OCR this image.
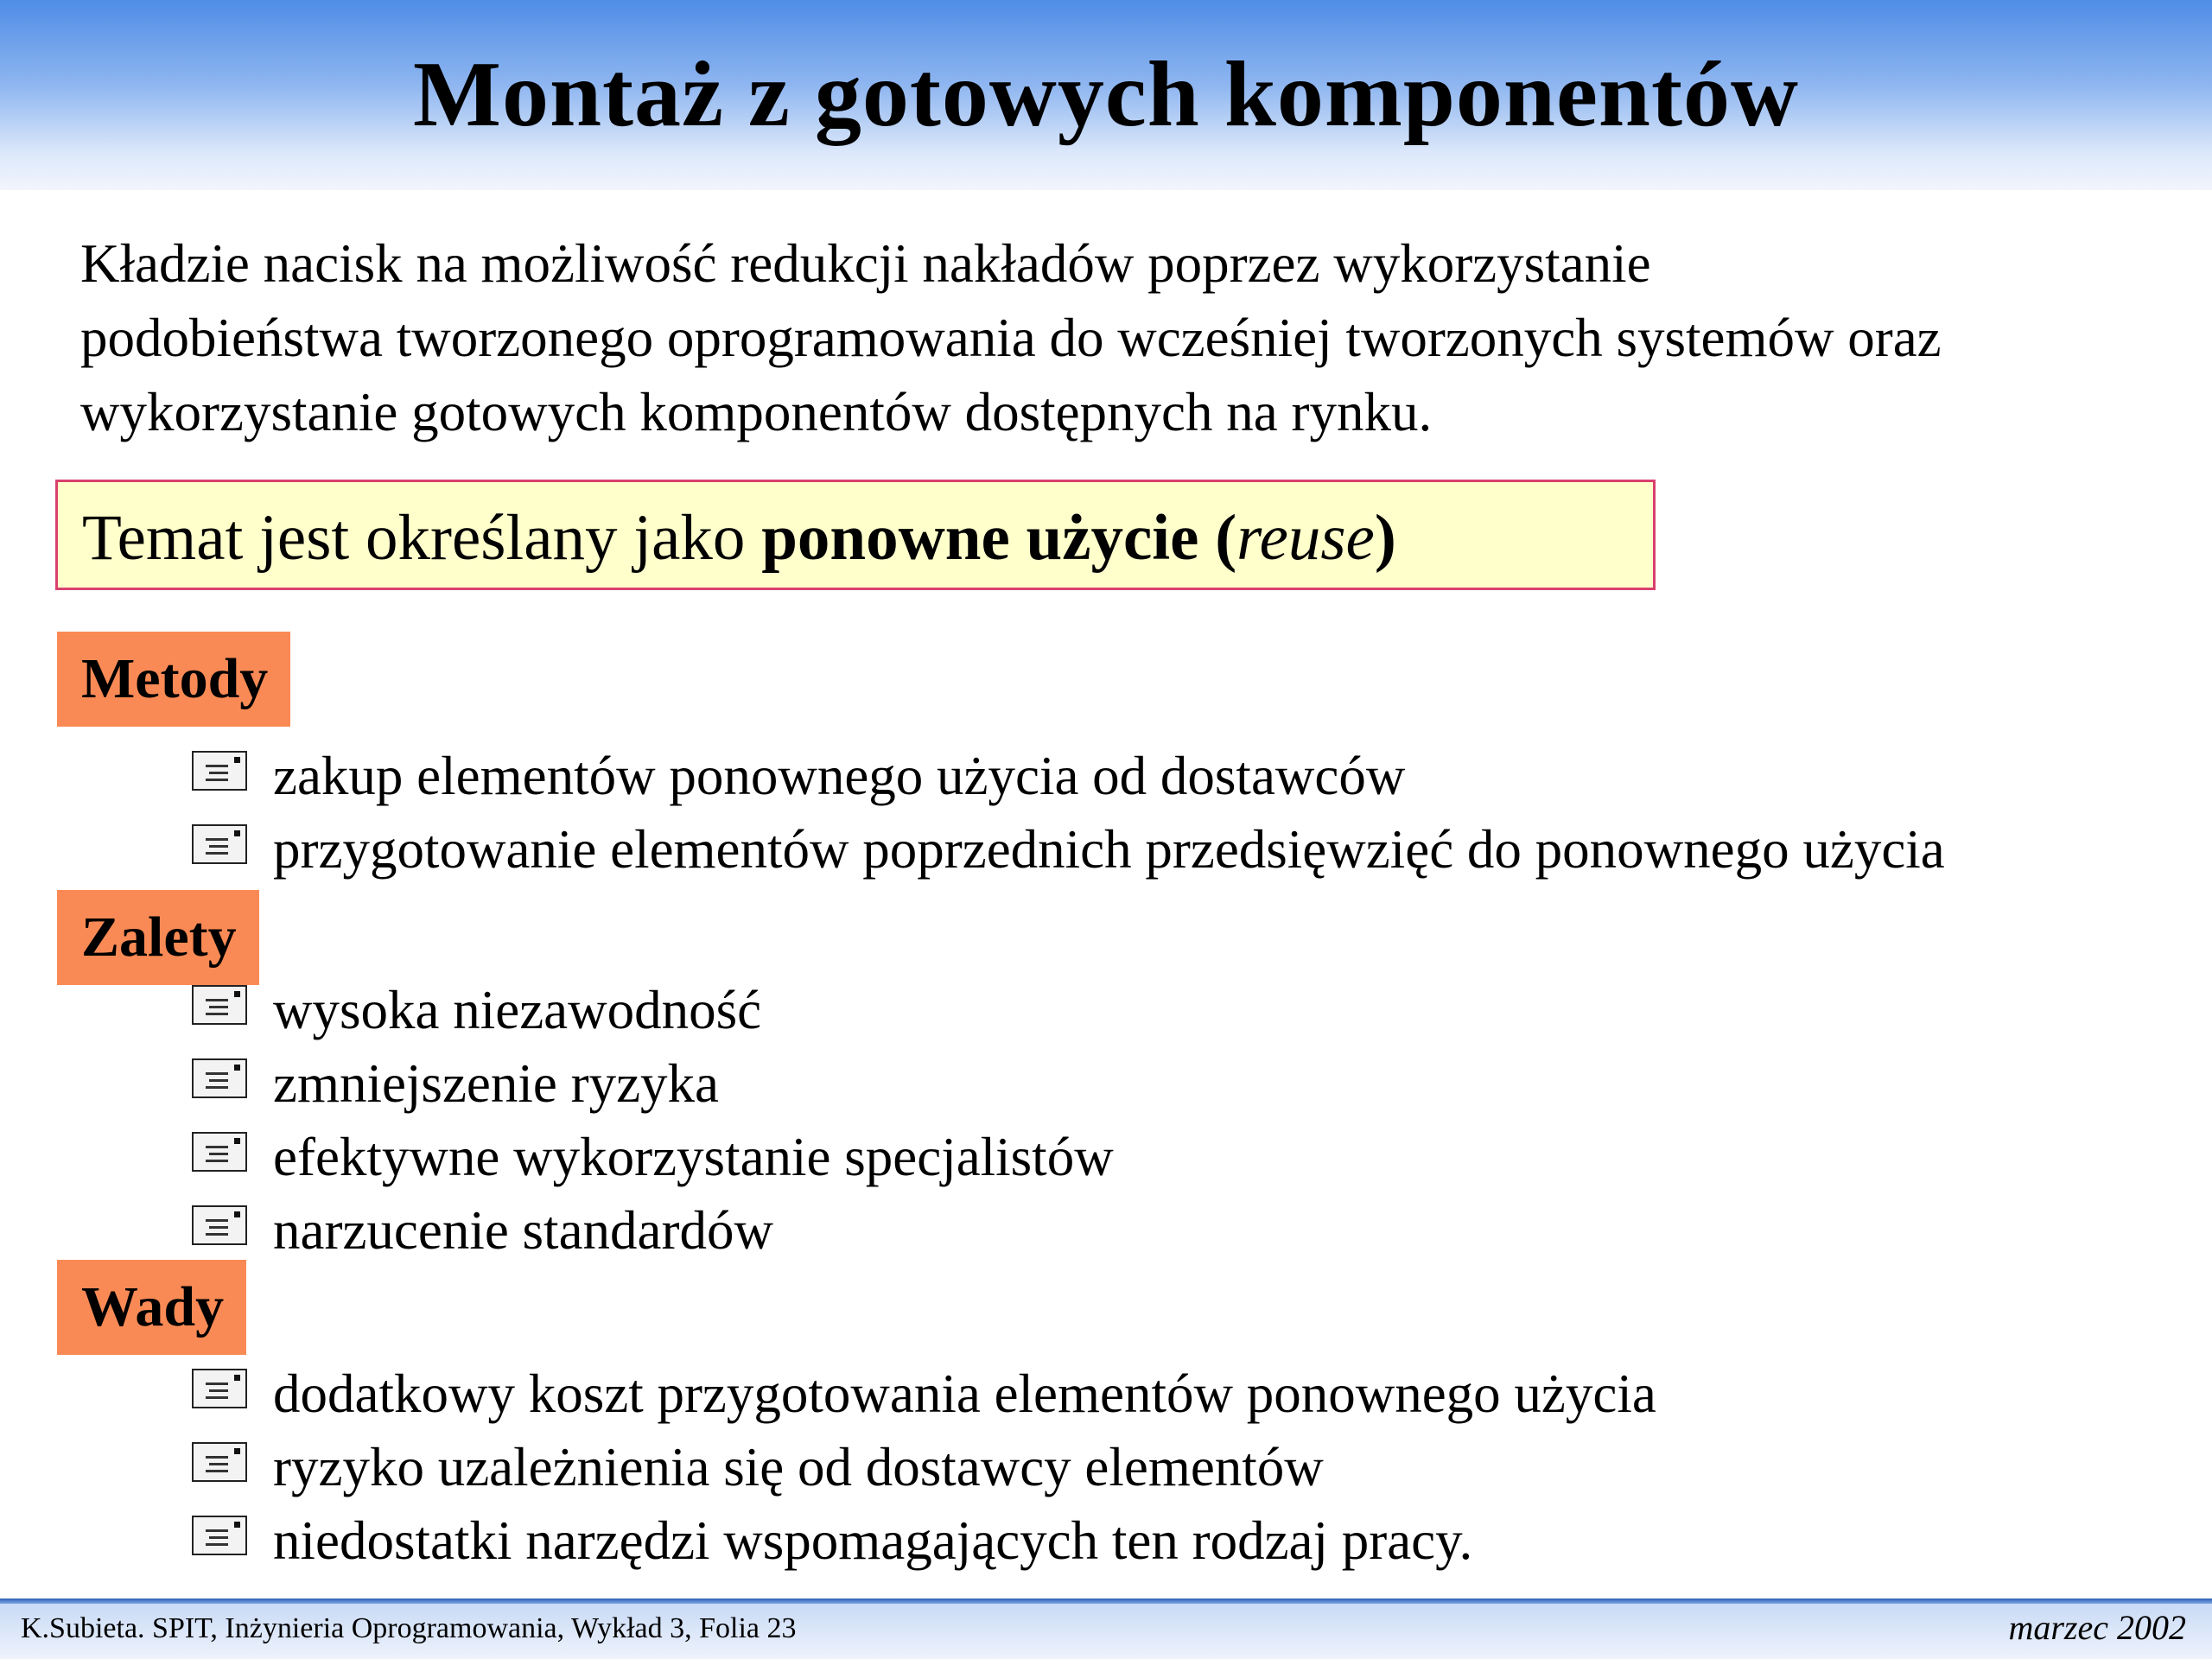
Montaż z gotowych komponentów
Kładzie nacisk na możliwość redukcji nakładów poprzez wykorzystanie
podobieństwa tworzonego oprogramowania do wcześniej tworzonych systemów oraz
wykorzystanie gotowych komponentów dostępnych na rynku.
Temat jest określany jako ponowne użycie (reuse)
Metody
zakup elementów ponownego użycia od dostawców
przygotowanie elementów poprzednich przedsięwzięć do ponownego użycia
Zalety
wysoka niezawodność
zmniejszenie ryzyka
efektywne wykorzystanie specjalistów
narzucenie standardów
Wady
dodatkowy koszt przygotowania elementów ponownego użycia
ryzyko uzależnienia się od dostawcy elementów
niedostatki narzędzi wspomagających ten rodzaj pracy.
K.Subieta. SPIT, Inżynieria Oprogramowania, Wykład 3, Folia 23	marzec 2002
